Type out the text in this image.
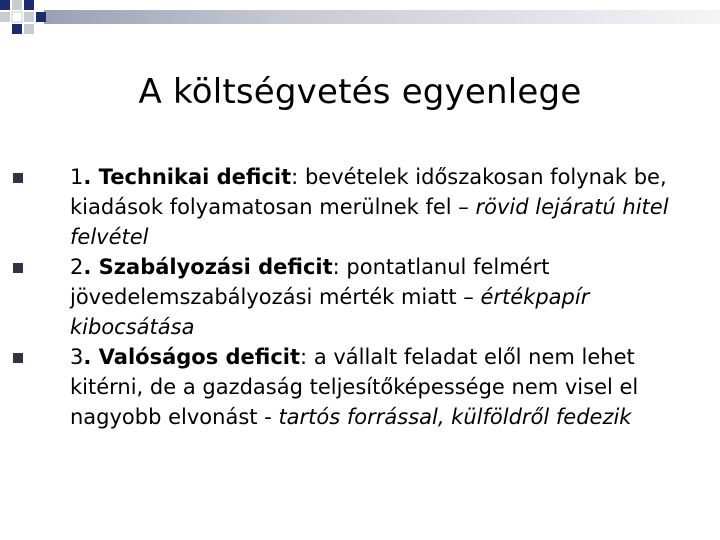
A költségvetés egyenlege
1. Technikai deficit: bevételek időszakosan folynak be, kiadások folyamatosan merülnek fel – rövid lejáratú hitel felvétel
2. Szabályozási deficit: pontatlanul felmért jövedelemszabályozási mérték miatt – értékpapír kibocsátása
3. Valóságos deficit: a vállalt feladat elől nem lehet kitérni, de a gazdaság teljesítőképessége nem visel el nagyobb elvonást - tartós forrással, külföldről fedezik
